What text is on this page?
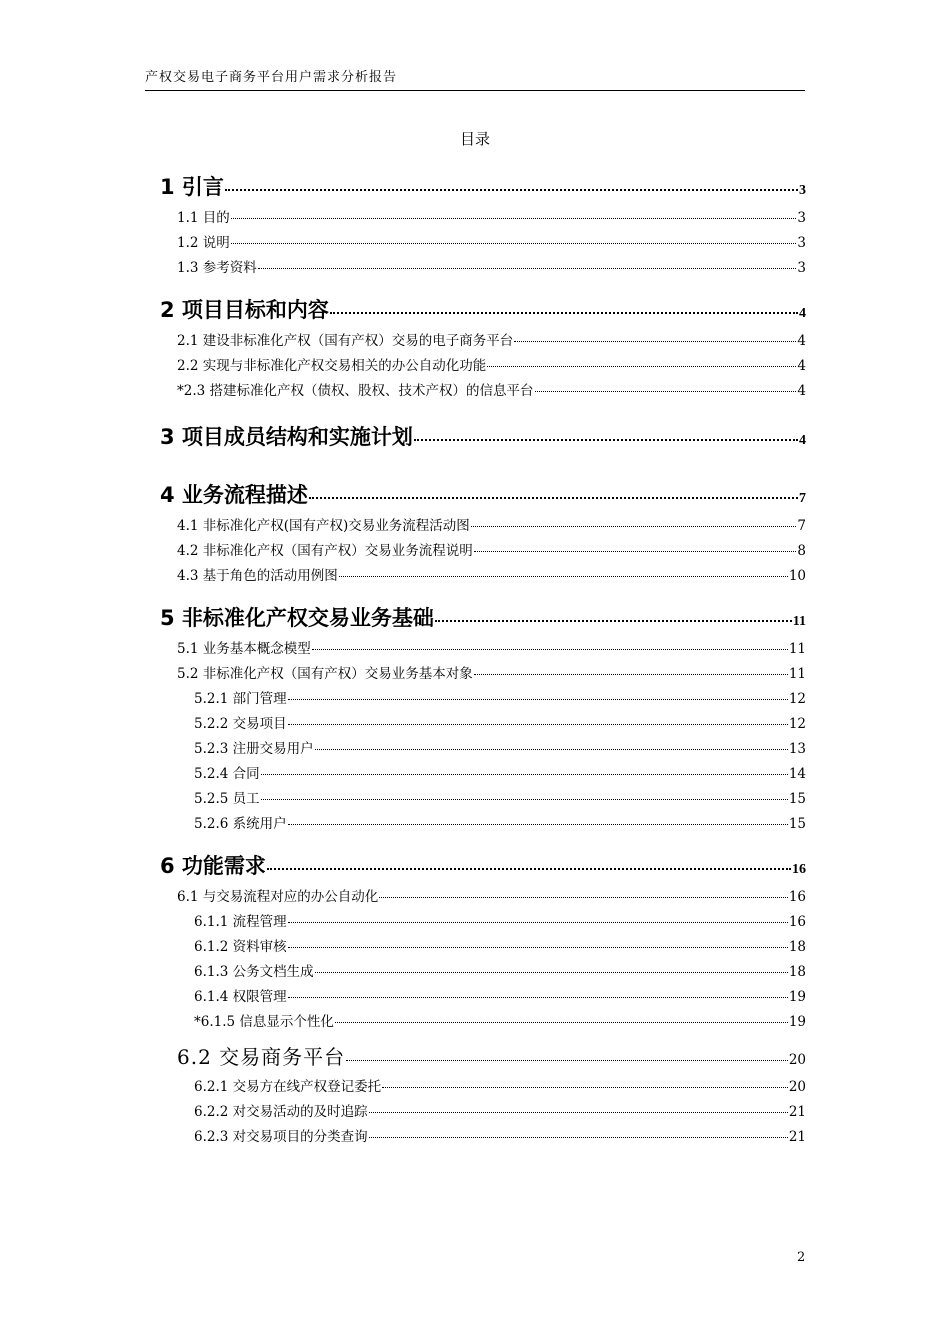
产权交易电子商务平台用户需求分析报告
目录
1 引言	3
1.1 目的	3
1.2 说明	3
1.3 参考资料	3
2 项目目标和内容	4
2.1 建设非标准化产权（国有产权）交易的电子商务平台	4
2.2 实现与非标准化产权交易相关的办公自动化功能	4
*2.3 搭建标准化产权（债权、股权、技术产权）的信息平台	4
3 项目成员结构和实施计划	4
4 业务流程描述	7
4.1 非标准化产权(国有产权)交易业务流程活动图	7
4.2 非标准化产权（国有产权）交易业务流程说明	8
4.3 基于角色的活动用例图	10
5 非标准化产权交易业务基础	11
5.1 业务基本概念模型	11
5.2 非标准化产权（国有产权）交易业务基本对象	11
5.2.1 部门管理	12
5.2.2 交易项目	12
5.2.3 注册交易用户	13
5.2.4 合同	14
5.2.5 员工	15
5.2.6 系统用户	15
6 功能需求	16
6.1 与交易流程对应的办公自动化	16
6.1.1 流程管理	16
6.1.2 资料审核	18
6.1.3 公务文档生成	18
6.1.4 权限管理	19
*6.1.5 信息显示个性化	19
6.2 交易商务平台	20
6.2.1 交易方在线产权登记委托	20
6.2.2 对交易活动的及时追踪	21
6.2.3 对交易项目的分类查询	21
2
